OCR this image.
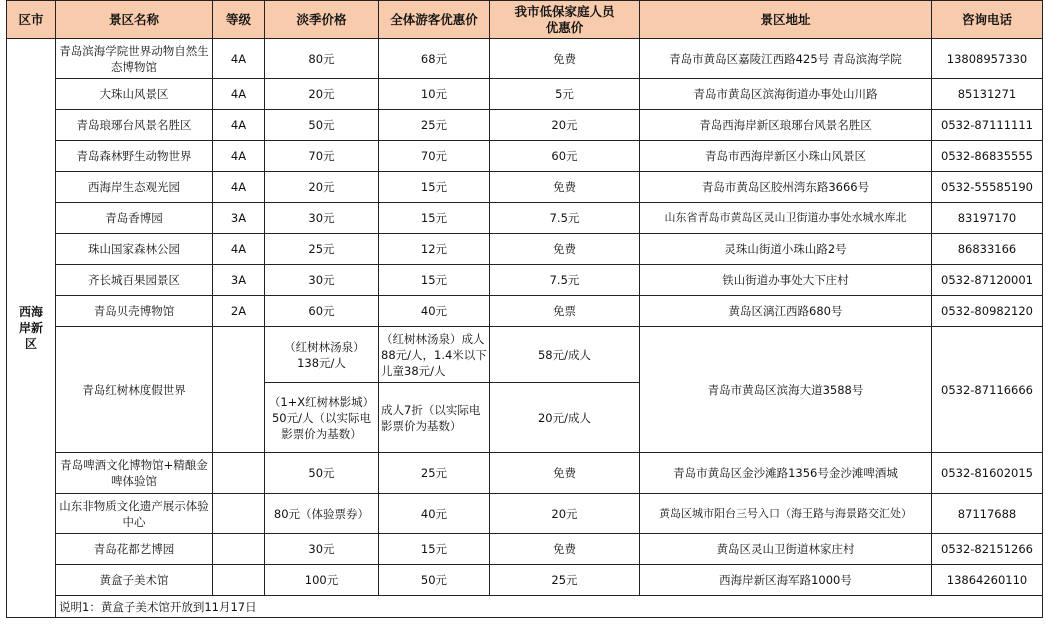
区市	景区名称	等级	淡季价格	全体游客优惠价	我市低保家庭人员优惠价	景区地址	咨询电话
西海岸新区	青岛滨海学院世界动物自然生态博物馆	4A	80元	68元	免费	青岛市黄岛区嘉陵江西路425号 青岛滨海学院	13808957330
	大珠山风景区	4A	20元	10元	5元	青岛市黄岛区滨海街道办事处山川路	85131271
	青岛琅琊台风景名胜区	4A	50元	25元	20元	青岛西海岸新区琅琊台风景名胜区	0532-87111111
	青岛森林野生动物世界	4A	70元	70元	60元	青岛市西海岸新区小珠山风景区	0532-86835555
	西海岸生态观光园	4A	20元	15元	免费	青岛市黄岛区胶州湾东路3666号	0532-55585190
	青岛香博园	3A	30元	15元	7.5元	山东省青岛市黄岛区灵山卫街道办事处水城水库北	83197170
	珠山国家森林公园	4A	25元	12元	免费	灵珠山街道小珠山路2号	86833166
	齐长城百果园景区	3A	30元	15元	7.5元	铁山街道办事处大下庄村	0532-87120001
	青岛贝壳博物馆	2A	60元	40元	免票	黄岛区漓江西路680号	0532-80982120
	青岛红树林度假世界		（红树林汤泉）138元/人	（红树林汤泉）成人88元/人，1.4米以下儿童38元/人	58元/成人	青岛市黄岛区滨海大道3588号	0532-87116666
			（1+X红树林影城）50元/人（以实际电影票价为基数）	成人7折（以实际电影票价为基数）	20元/成人		
	青岛啤酒文化博物馆+精酿金啤体验馆		50元	25元	免费	青岛市黄岛区金沙滩路1356号金沙滩啤酒城	0532-81602015
	山东非物质文化遗产展示体验中心		80元（体验票券）	40元	20元	黄岛区城市阳台三号入口（海王路与海景路交汇处）	87117688
	青岛花都艺博园		30元	15元	免费	黄岛区灵山卫街道林家庄村	0532-82151266
	黄盒子美术馆		100元	50元	25元	西海岸新区海军路1000号	13864260110
	说明1：黄盒子美术馆开放到11月17日						
